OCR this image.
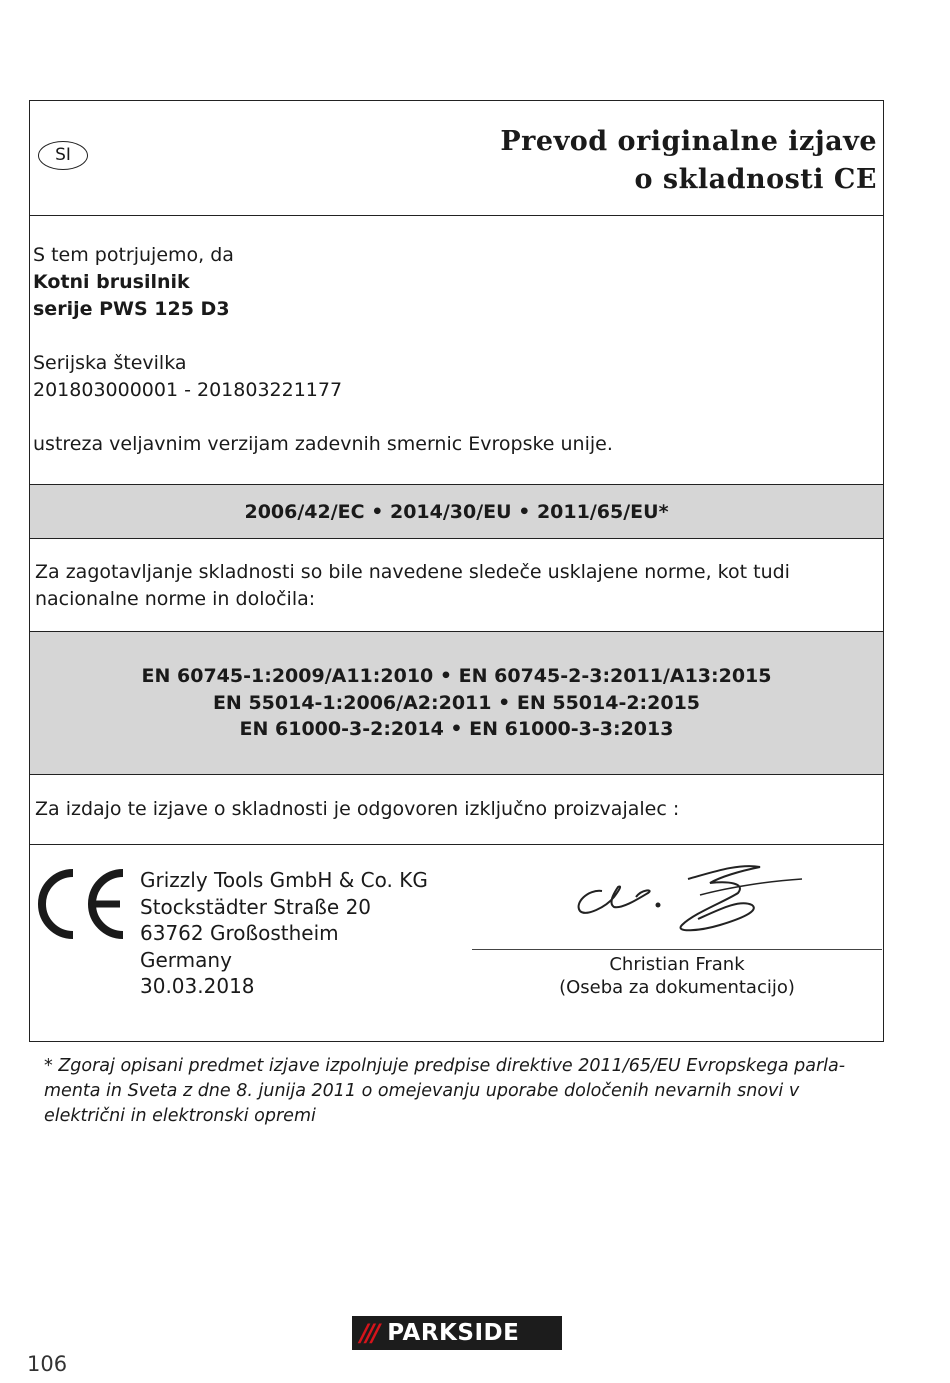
SI	Prevod originalne izjave
o skladnosti CE
S tem potrjujemo, da
Kotni brusilnik
serije PWS 125 D3
Serijska številka
201803000001 - 201803221177
ustreza veljavnim verzijam zadevnih smernic Evropske unije.
2006/42/EC • 2014/30/EU • 2011/65/EU*
Za zagotavljanje skladnosti so bile navedene sledeče usklajene norme, kot tudi nacionalne norme in določila:
EN 60745-1:2009/A11:2010 • EN 60745-2-3:2011/A13:2015
EN 55014-1:2006/A2:2011 • EN 55014-2:2015
EN 61000-3-2:2014 • EN 61000-3-3:2013
Za izdajo te izjave o skladnosti je odgovoren izključno proizvajalec :
Grizzly Tools GmbH & Co. KG
Stockstädter Straße 20
63762 Großostheim
Germany
30.03.2018
Christian Frank
(Oseba za dokumentacijo)
* Zgoraj opisani predmet izjave izpolnjuje predpise direktive 2011/65/EU Evropskega parla-menta in Sveta z dne 8. junija 2011 o omejevanju uporabe določenih nevarnih snovi v električni in elektronski opremi
/// PARKSIDE
106
